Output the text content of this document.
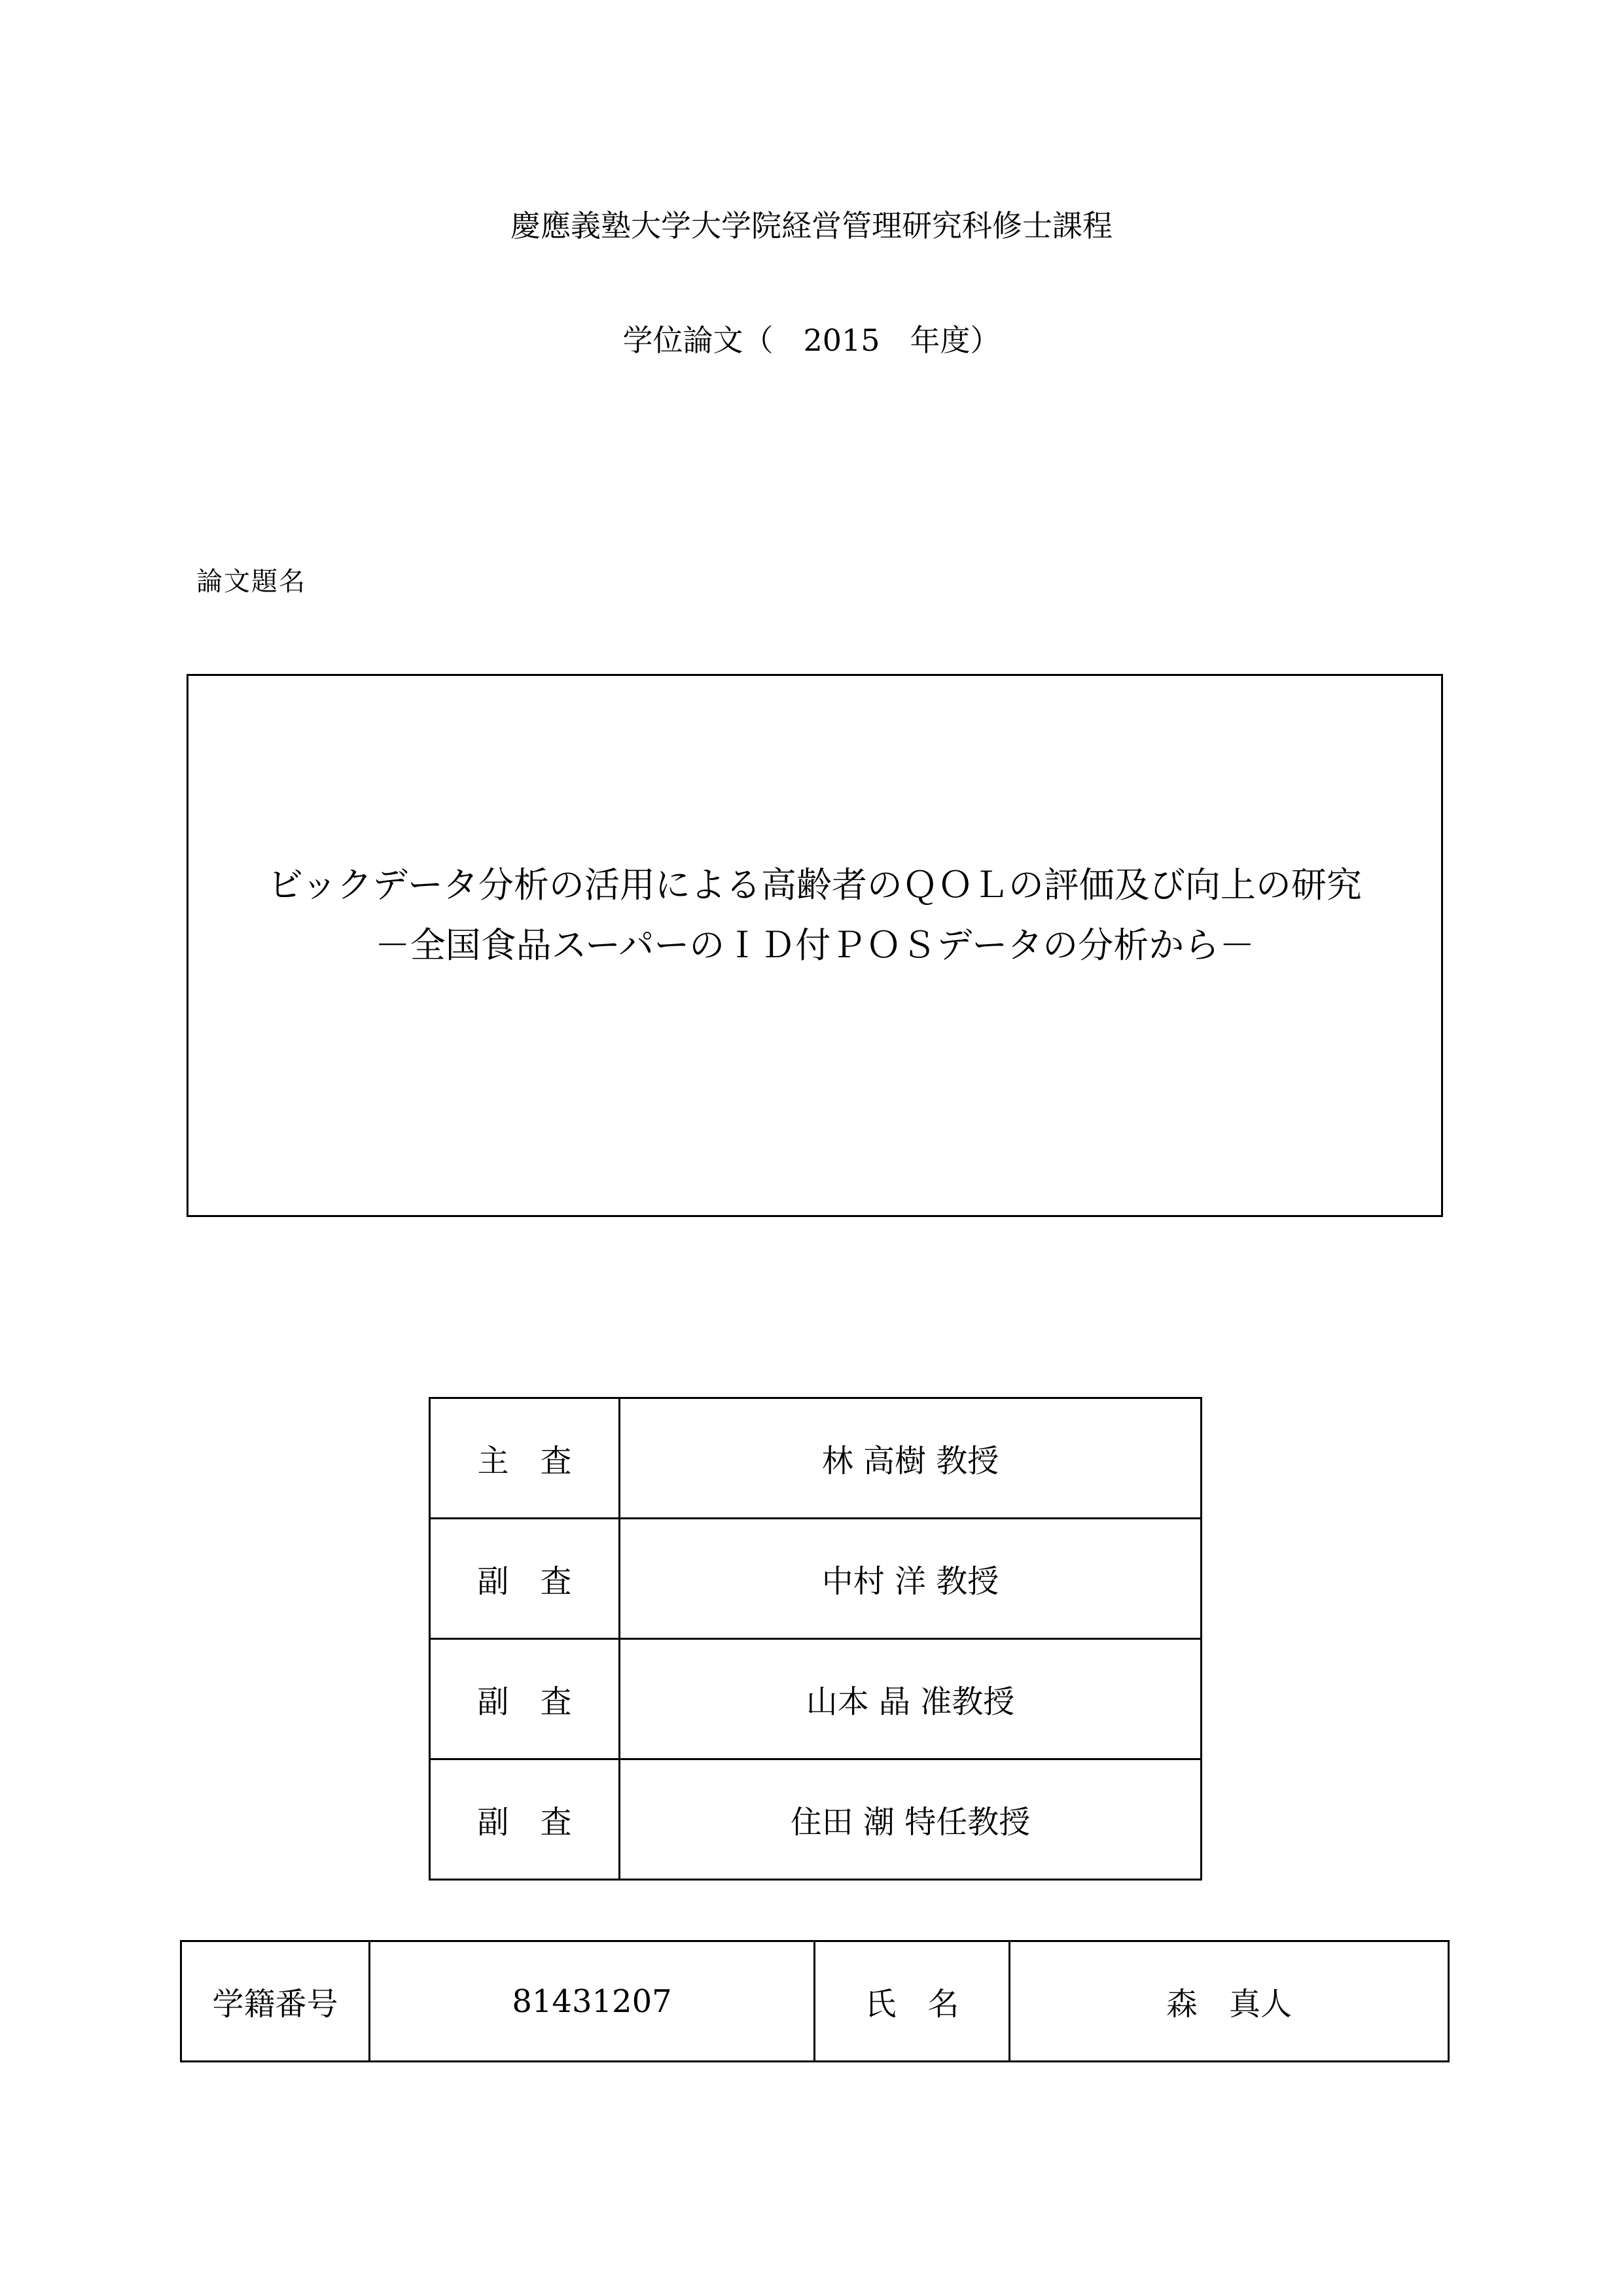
慶應義塾大学大学院経営管理研究科修士課程
学位論文（　2015　年度）
論文題名
ビックデータ分析の活用による高齢者のＱＯＬの評価及び向上の研究
－全国食品スーパーのＩＤ付ＰＯＳデータの分析から－
主　査	林 高樹 教授
副　査	中村 洋 教授
副　査	山本 晶 准教授
副　査	住田 潮 特任教授
学籍番号	81431207	氏　名	森　真人
